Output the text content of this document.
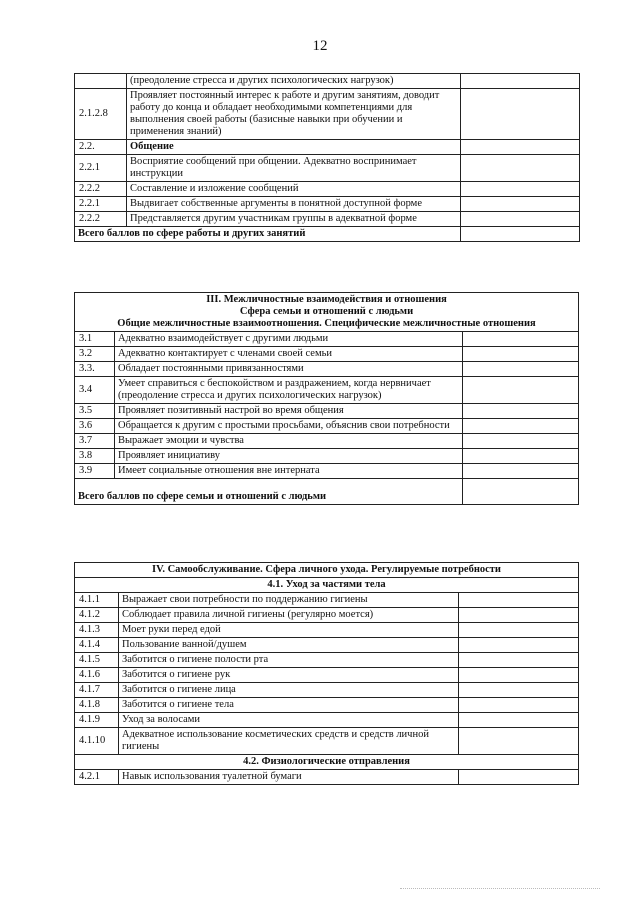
12
	(преодоление стресса и других психологических нагрузок)	
2.1.2.8	Проявляет постоянный интерес к работе и другим занятиям, доводит работу до конца и обладает необходимыми компетенциями для выполнения своей работы (базисные навыки при обучении и применения знаний)	
2.2.	Общение	
2.2.1	Восприятие сообщений при общении. Адекватно воспринимает инструкции	
2.2.2	Составление и изложение сообщений	
2.2.1	Выдвигает собственные аргументы в понятной доступной форме	
2.2.2	Представляется другим участникам группы в адекватной форме	
Всего баллов по сфере работы и других занятий		
III. Межличностные взаимодействия и отношения
Сфера семьи и отношений с людьми
Общие межличностные взаимоотношения. Специфические межличностные отношения		

3.1	Адекватно взаимодействует с другими людьми	
3.2	Адекватно контактирует с членами своей семьи	
3.3.	Обладает постоянными привязанностями	
3.4	Умеет справиться с беспокойством и раздражением, когда нервничает (преодоление стресса и других психологических нагрузок)	
3.5	Проявляет позитивный настрой во время общения	
3.6	Обращается к другим с простыми просьбами, объяснив свои потребности	
3.7	Выражает эмоции и чувства	
3.8	Проявляет инициативу	
3.9	Имеет социальные отношения вне интерната	
Всего баллов по сфере семьи и отношений с людьми		
IV. Самообслуживание. Сфера личного ухода. Регулируемые потребности		
4.1. Уход за частями тела		
4.1.1	Выражает свои потребности по поддержанию гигиены	
4.1.2	Соблюдает правила личной гигиены (регулярно моется)	
4.1.3	Моет руки перед едой	
4.1.4	Пользование ванной/душем	
4.1.5	Заботится о гигиене полости рта	
4.1.6	Заботится о гигиене рук	
4.1.7	Заботится о гигиене лица	
4.1.8	Заботится о гигиене тела	
4.1.9	Уход за волосами	
4.1.10	Адекватное использование косметических средств и средств личной гигиены	
4.2. Физиологические отправления		
4.2.1	Навык использования туалетной бумаги	
